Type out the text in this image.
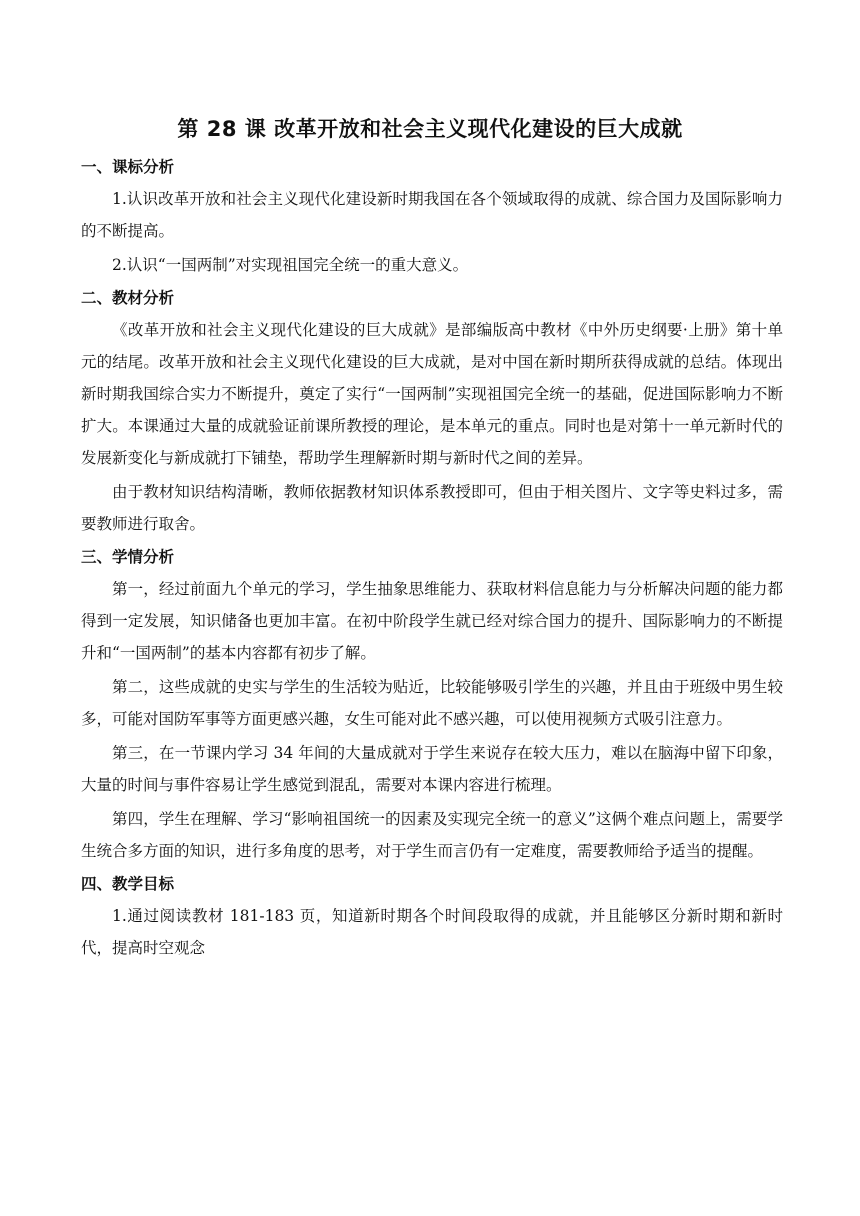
第 28 课 改革开放和社会主义现代化建设的巨大成就

一、课标分析

1.认识改革开放和社会主义现代化建设新时期我国在各个领域取得的成就、综合国力及国际影响力的不断提高。

2.认识“一国两制”对实现祖国完全统一的重大意义。

二、教材分析

《改革开放和社会主义现代化建设的巨大成就》是部编版高中教材《中外历史纲要·上册》第十单元的结尾。改革开放和社会主义现代化建设的巨大成就，是对中国在新时期所获得成就的总结。体现出新时期我国综合实力不断提升，奠定了实行“一国两制”实现祖国完全统一的基础，促进国际影响力不断扩大。本课通过大量的成就验证前课所教授的理论，是本单元的重点。同时也是对第十一单元新时代的发展新变化与新成就打下铺垫，帮助学生理解新时期与新时代之间的差异。

由于教材知识结构清晰，教师依据教材知识体系教授即可，但由于相关图片、文字等史料过多，需要教师进行取舍。

三、学情分析

第一，经过前面九个单元的学习，学生抽象思维能力、获取材料信息能力与分析解决问题的能力都得到一定发展，知识储备也更加丰富。在初中阶段学生就已经对综合国力的提升、国际影响力的不断提升和“一国两制”的基本内容都有初步了解。

第二，这些成就的史实与学生的生活较为贴近，比较能够吸引学生的兴趣，并且由于班级中男生较多，可能对国防军事等方面更感兴趣，女生可能对此不感兴趣，可以使用视频方式吸引注意力。

第三，在一节课内学习 34 年间的大量成就对于学生来说存在较大压力，难以在脑海中留下印象，大量的时间与事件容易让学生感觉到混乱，需要对本课内容进行梳理。

第四，学生在理解、学习“影响祖国统一的因素及实现完全统一的意义”这俩个难点问题上，需要学生统合多方面的知识，进行多角度的思考，对于学生而言仍有一定难度，需要教师给予适当的提醒。

四、教学目标

1.通过阅读教材 181-183 页，知道新时期各个时间段取得的成就，并且能够区分新时期和新时代，提高时空观念
